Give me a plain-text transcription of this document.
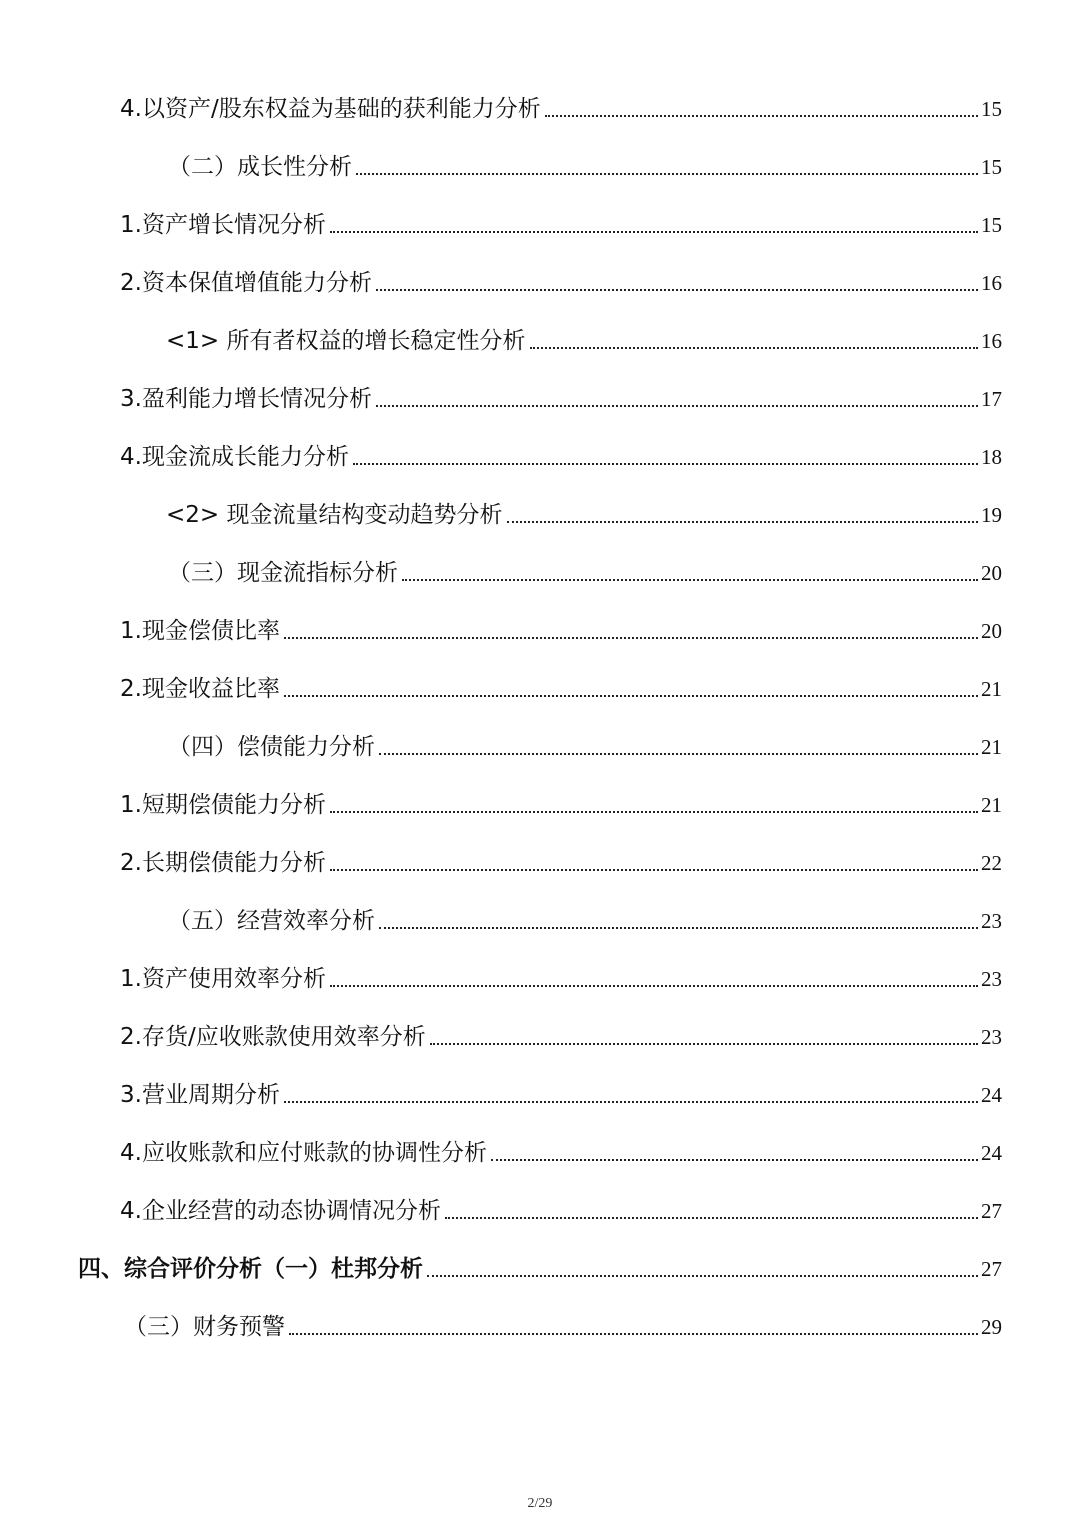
4.以资产/股东权益为基础的获利能力分析	15
（二）成长性分析	15
1.资产增长情况分析	15
2.资本保值增值能力分析	16
<1> 所有者权益的增长稳定性分析	16
3.盈利能力增长情况分析	17
4.现金流成长能力分析	18
<2> 现金流量结构变动趋势分析	19
（三）现金流指标分析	20
1.现金偿债比率	20
2.现金收益比率	21
（四）偿债能力分析	21
1.短期偿债能力分析	21
2.长期偿债能力分析	22
（五）经营效率分析	23
1.资产使用效率分析	23
2.存货/应收账款使用效率分析	23
3.营业周期分析	24
4.应收账款和应付账款的协调性分析	24
4.企业经营的动态协调情况分析	27
四、综合评价分析（一）杜邦分析	27
（三）财务预警	29
2/29
